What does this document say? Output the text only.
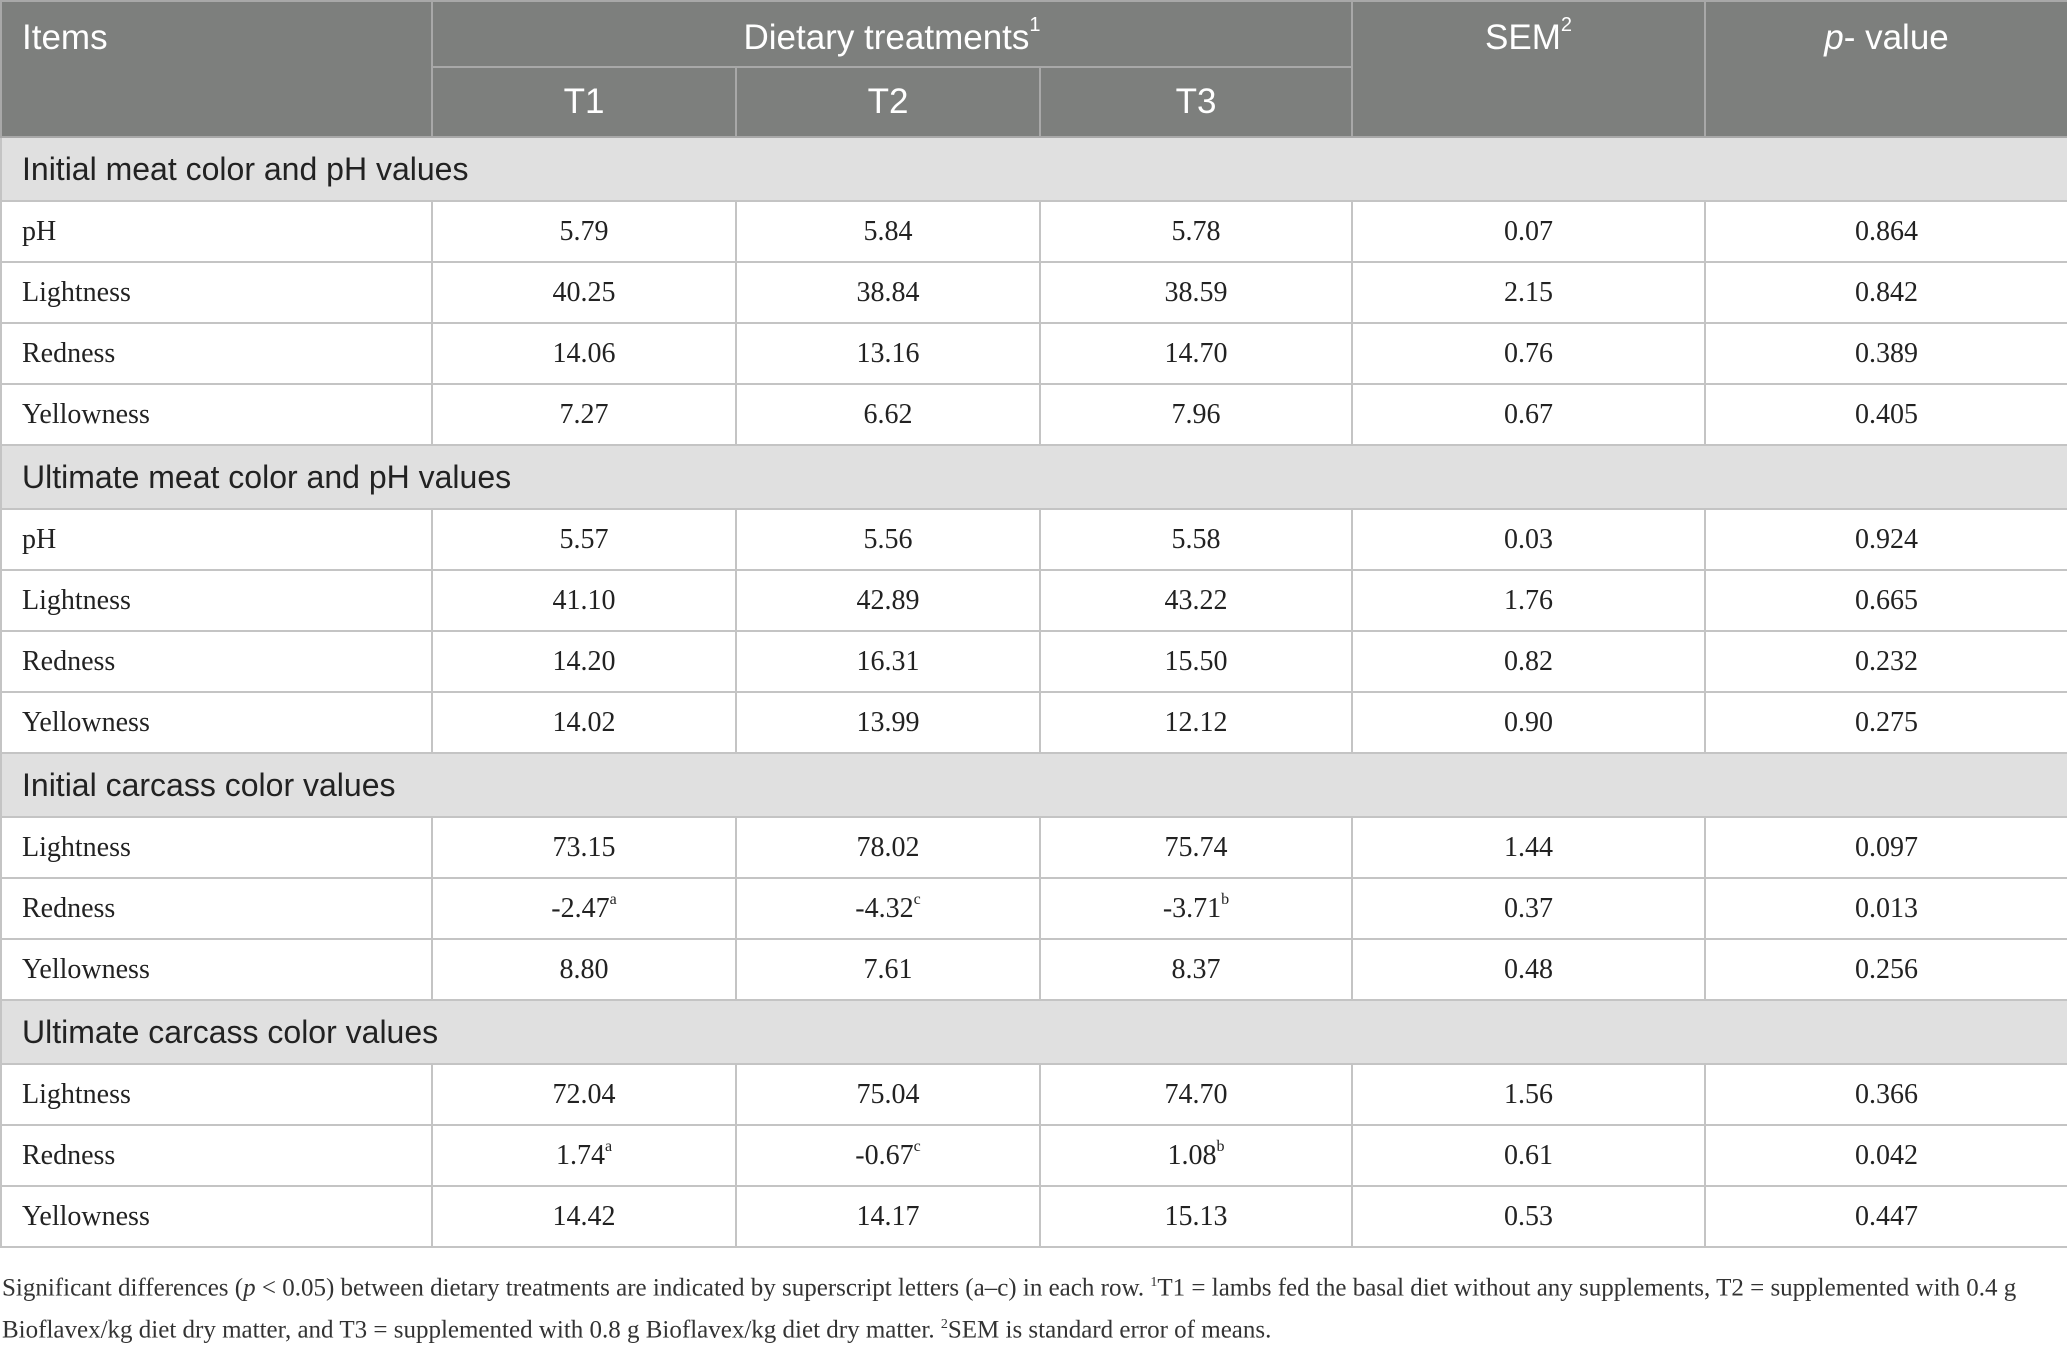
Items	Dietary treatments$^1$			SEM$^2$	p- value
	T1	T2	T3		
Initial meat color and pH values					
pH	5.79	5.84	5.78	0.07	0.864
Lightness	40.25	38.84	38.59	2.15	0.842
Redness	14.06	13.16	14.70	0.76	0.389
Yellowness	7.27	6.62	7.96	0.67	0.405
Ultimate meat color and pH values					
pH	5.57	5.56	5.58	0.03	0.924
Lightness	41.10	42.89	43.22	1.76	0.665
Redness	14.20	16.31	15.50	0.82	0.232
Yellowness	14.02	13.99	12.12	0.90	0.275
Initial carcass color values					
Lightness	73.15	78.02	75.74	1.44	0.097
Redness	-2.47$^a$	-4.32$^c$	-3.71$^b$	0.37	0.013
Yellowness	8.80	7.61	8.37	0.48	0.256
Ultimate carcass color values					
Lightness	72.04	75.04	74.70	1.56	0.366
Redness	1.74$^a$	-0.67$^c$	1.08$^b$	0.61	0.042
Yellowness	14.42	14.17	15.13	0.53	0.447

Significant differences (p < 0.05) between dietary treatments are indicated by superscript letters (a–c) in each row. $^1$T1 = lambs fed the basal diet without any supplements, T2 = supplemented with 0.4 g Bioflavex/kg diet dry matter, and T3 = supplemented with 0.8 g Bioflavex/kg diet dry matter. $^2$SEM is standard error of means.
